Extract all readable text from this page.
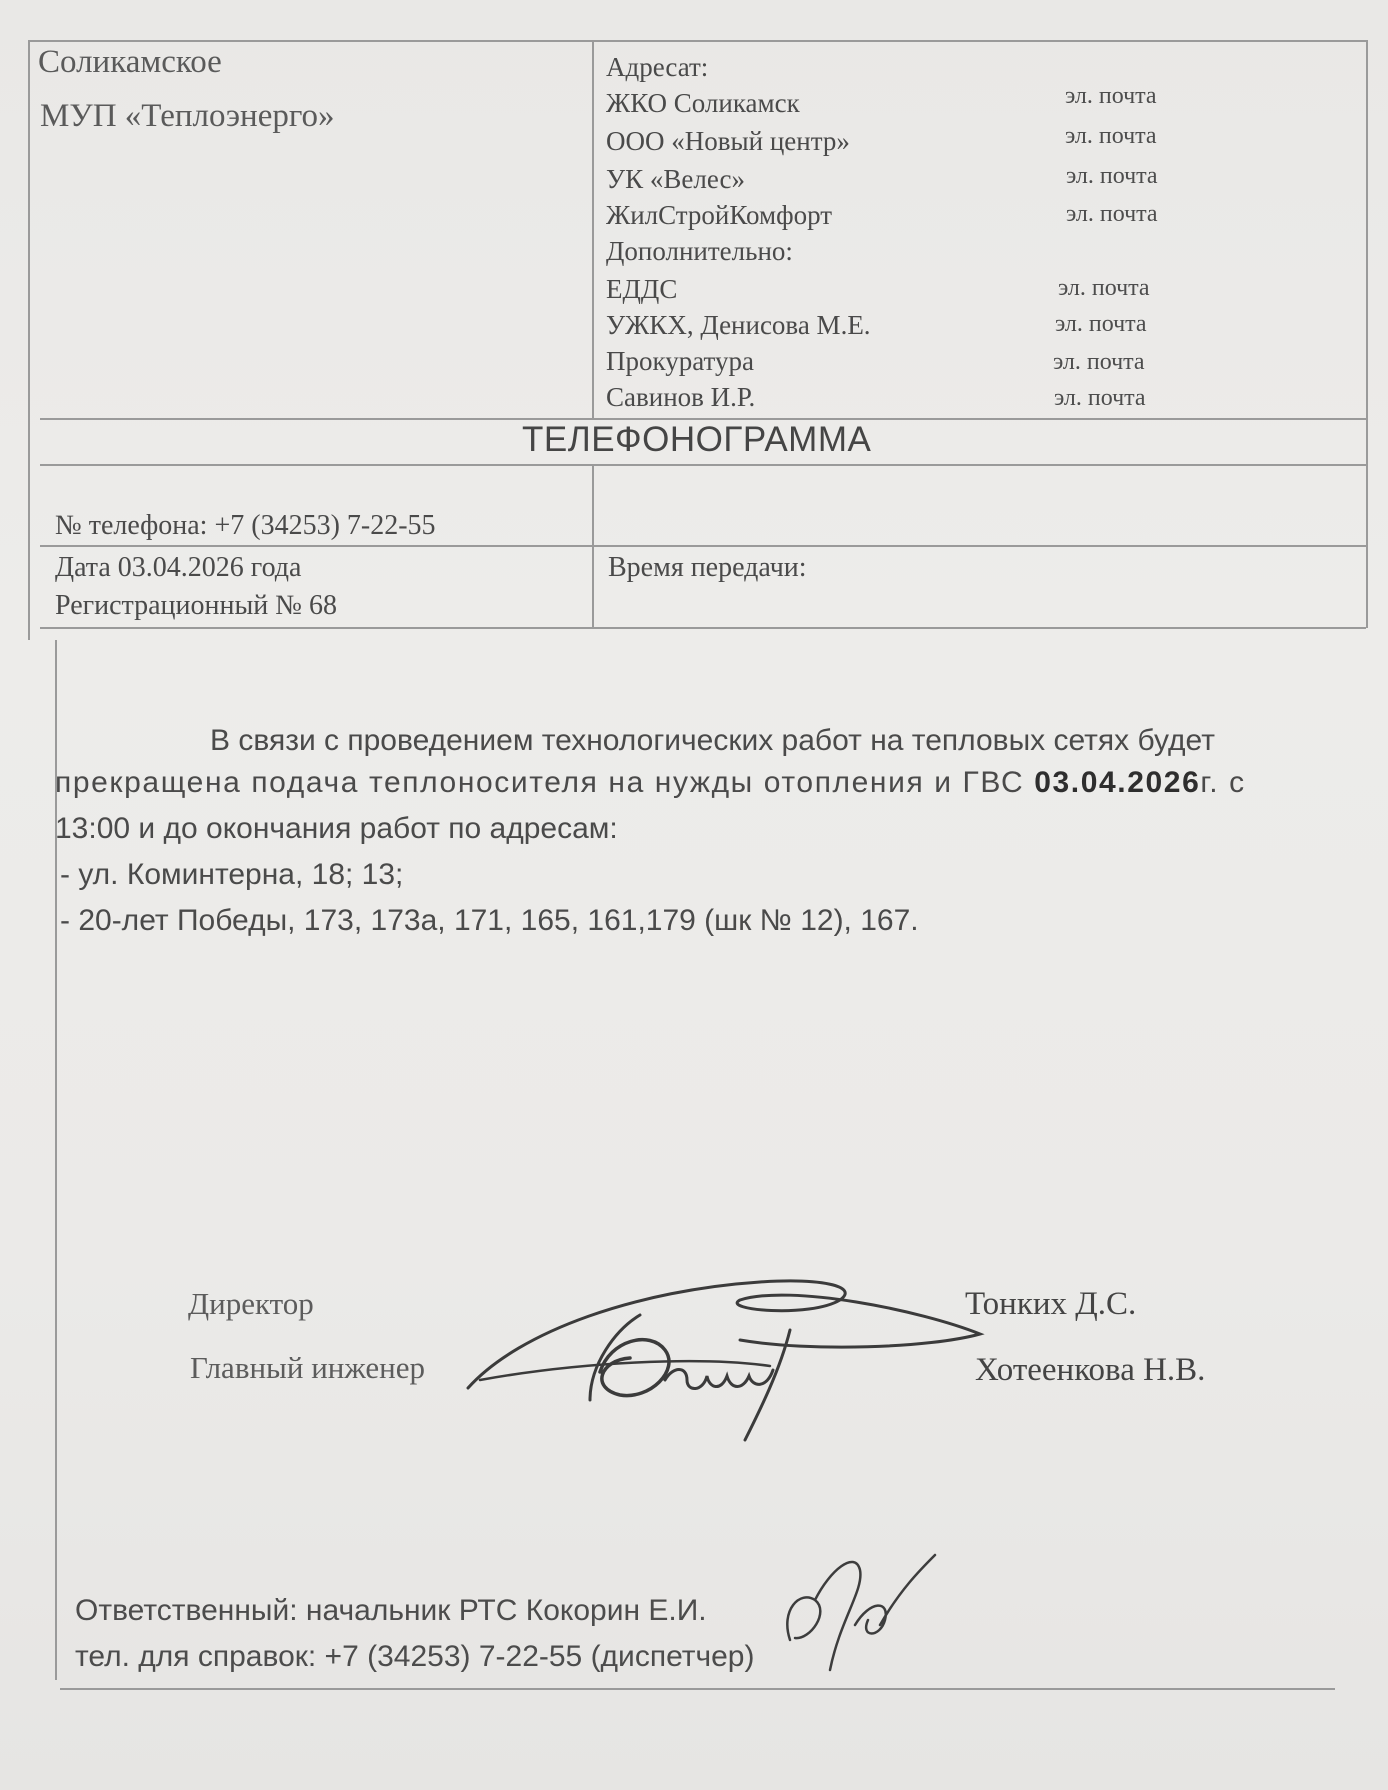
Соликамское
МУП «Теплоэнерго»
Адресат:
ЖКО Соликамск	эл. почта
ООО «Новый центр»	эл. почта
УК «Велес»	эл. почта
ЖилСтройКомфорт	эл. почта
Дополнительно:
ЕДДС	эл. почта
УЖКХ, Денисова М.Е.	эл. почта
Прокуратура	эл. почта
Савинов И.Р.	эл. почта
ТЕЛЕФОНОГРАММА
№ телефона: +7 (34253) 7-22-55
Дата 03.04.2026 года
Регистрационный № 68
Время передачи:
В связи с проведением технологических работ на тепловых сетях будет
прекращена подача теплоносителя на нужды отопления и ГВС 03.04.2026г. с
13:00 и до окончания работ по адресам:
- ул. Коминтерна, 18; 13;
- 20-лет Победы, 173, 173а, 171, 165, 161,179 (шк № 12), 167.
Директор	Тонких Д.С.
Главный инженер	Хотеенкова Н.В.
Ответственный: начальник РТС Кокорин Е.И.
тел. для справок: +7 (34253) 7-22-55 (диспетчер)
